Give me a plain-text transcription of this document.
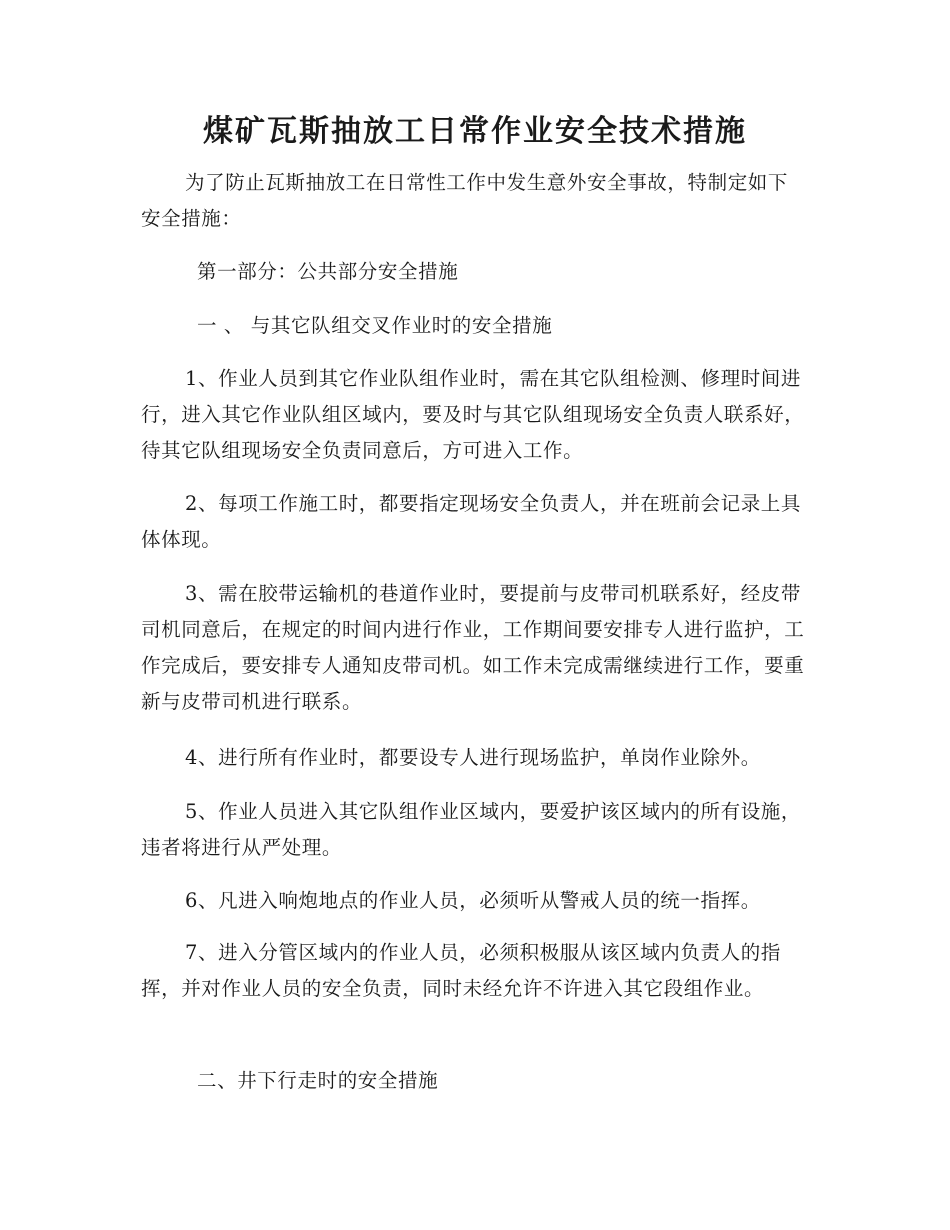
煤矿瓦斯抽放工日常作业安全技术措施

为了防止瓦斯抽放工在日常性工作中发生意外安全事故，特制定如下安全措施：

第一部分：公共部分安全措施

一 、 与其它队组交叉作业时的安全措施

1、作业人员到其它作业队组作业时，需在其它队组检测、修理时间进行，进入其它作业队组区域内，要及时与其它队组现场安全负责人联系好，待其它队组现场安全负责同意后，方可进入工作。

2、每项工作施工时，都要指定现场安全负责人，并在班前会记录上具体体现。

3、需在胶带运输机的巷道作业时，要提前与皮带司机联系好，经皮带司机同意后，在规定的时间内进行作业，工作期间要安排专人进行监护，工作完成后，要安排专人通知皮带司机。如工作未完成需继续进行工作，要重新与皮带司机进行联系。

4、进行所有作业时，都要设专人进行现场监护，单岗作业除外。

5、作业人员进入其它队组作业区域内，要爱护该区域内的所有设施，违者将进行从严处理。

6、凡进入响炮地点的作业人员，必须听从警戒人员的统一指挥。

7、进入分管区域内的作业人员，必须积极服从该区域内负责人的指挥，并对作业人员的安全负责，同时未经允许不许进入其它段组作业。

二、井下行走时的安全措施
